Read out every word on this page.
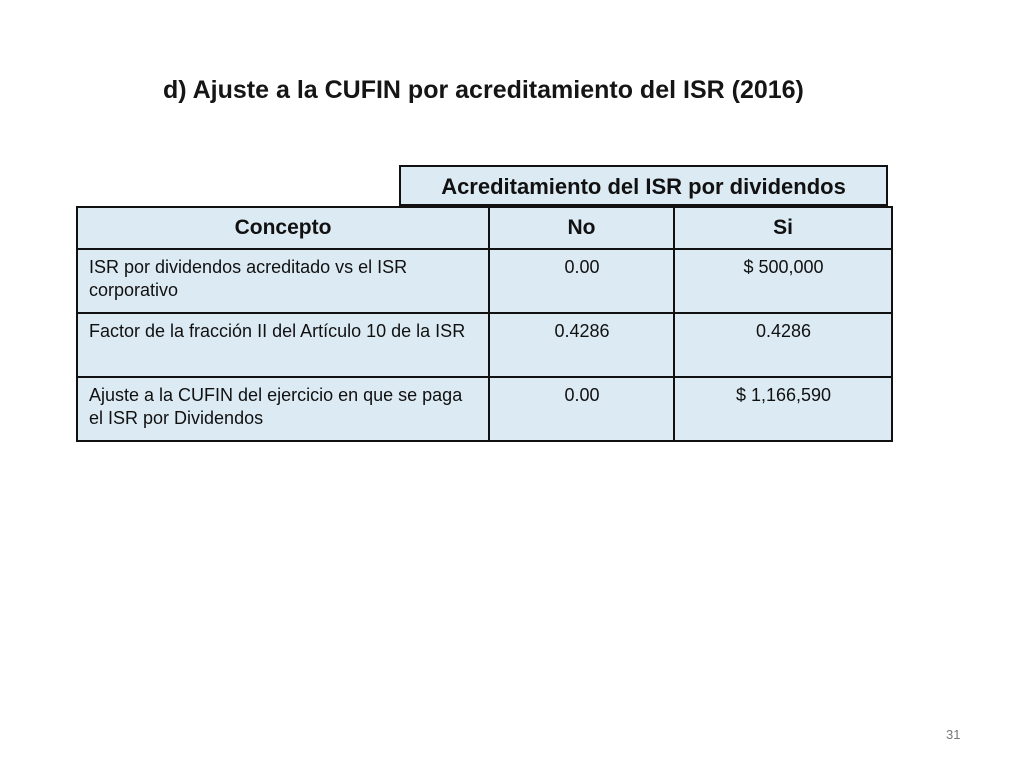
d) Ajuste a la CUFIN por acreditamiento del ISR (2016)
Acreditamiento del ISR por dividendos
Concepto	No	Si
ISR por dividendos acreditado vs el ISR corporativo	0.00	$ 500,000
Factor de la fracción II del Artículo 10 de la ISR	0.4286	0.4286
Ajuste a la CUFIN del ejercicio en que se paga el ISR por Dividendos	0.00	$ 1,166,590
31
